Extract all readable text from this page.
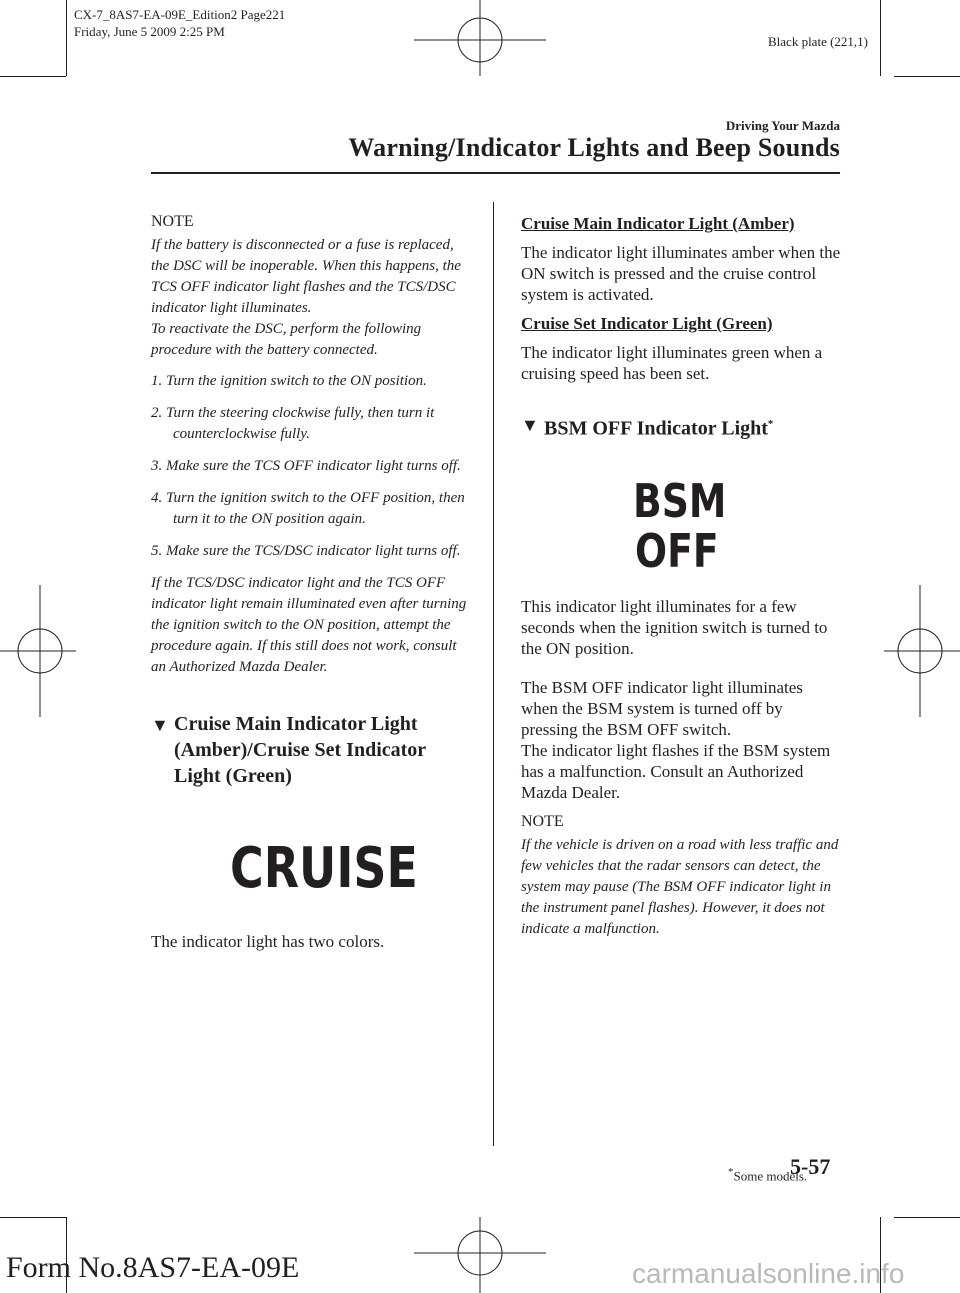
CX-7_8AS7-EA-09E_Edition2 Page221
Friday, June 5 2009 2:25 PM
Black plate (221,1)
Driving Your Mazda
Warning/Indicator Lights and Beep Sounds

NOTE

If the battery is disconnected or a fuse is replaced, the DSC will be inoperable. When this happens, the TCS OFF indicator light flashes and the TCS/DSC indicator light illuminates.

To reactivate the DSC, perform the following procedure with the battery connected.

1. Turn the ignition switch to the ON position.
2. Turn the steering clockwise fully, then turn it counterclockwise fully.
3. Make sure the TCS OFF indicator light turns off.
4. Turn the ignition switch to the OFF position, then turn it to the ON position again.
5. Make sure the TCS/DSC indicator light turns off.

If the TCS/DSC indicator light and the TCS OFF indicator light remain illuminated even after turning the ignition switch to the ON position, attempt the procedure again. If this still does not work, consult an Authorized Mazda Dealer.

▼ Cruise Main Indicator Light (Amber)/Cruise Set Indicator Light (Green)
CRUISE

The indicator light has two colors.

Cruise Main Indicator Light (Amber)

The indicator light illuminates amber when the ON switch is pressed and the cruise control system is activated.

Cruise Set Indicator Light (Green)

The indicator light illuminates green when a cruising speed has been set.

▼ BSM OFF Indicator Light*
BSM
OFF

This indicator light illuminates for a few seconds when the ignition switch is turned to the ON position.

The BSM OFF indicator light illuminates when the BSM system is turned off by pressing the BSM OFF switch.

The indicator light flashes if the BSM system has a malfunction. Consult an Authorized Mazda Dealer.

NOTE

If the vehicle is driven on a road with less traffic and few vehicles that the radar sensors can detect, the system may pause (The BSM OFF indicator light in the instrument panel flashes). However, it does not indicate a malfunction.

*Some models.
5-57
Form No.8AS7-EA-09E	carmanualsonline.info
